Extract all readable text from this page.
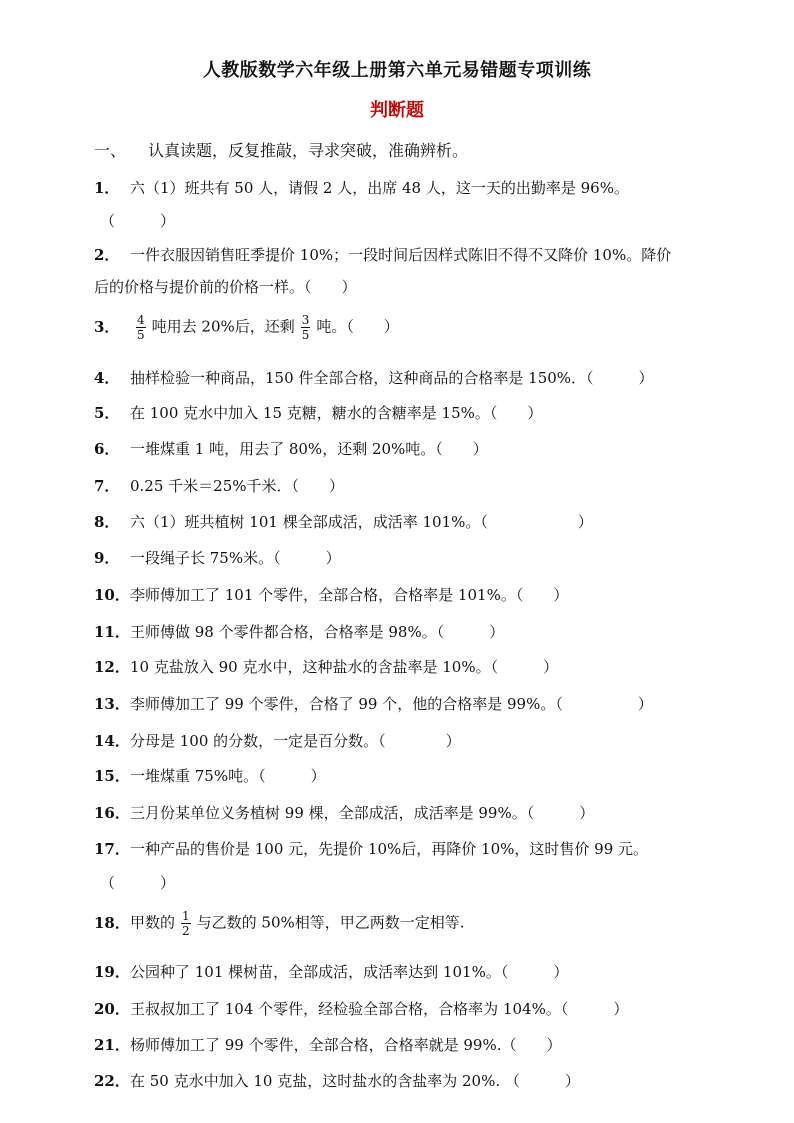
人教版数学六年级上册第六单元易错题专项训练
判断题
一、 认真读题，反复推敲，寻求突破，准确辨析。
1． 六（1）班共有 50 人，请假 2 人，出席 48 人，这一天的出勤率是 96%。
（　　　）
2． 一件衣服因销售旺季提价 10%；一段时间后因样式陈旧不得不又降价 10%。降价
后的价格与提价前的价格一样。（　　）
3． $\frac{4}{5}$ 吨用去 20%后，还剩 $\frac{3}{5}$ 吨。（　　）
4． 抽样检验一种商品，150 件全部合格，这种商品的合格率是 150%．（　　　）
5． 在 100 克水中加入 15 克糖，糖水的含糖率是 15%。（　　）
6． 一堆煤重 1 吨，用去了 80%，还剩 20%吨。（　　）
7． 0.25 千米＝25%千米．（　　）
8． 六（1）班共植树 101 棵全部成活，成活率 101%。（　　　　　　）
9． 一段绳子长 75%米。（　　　）
10．李师傅加工了 101 个零件，全部合格，合格率是 101%。（　　）
11．王师傅做 98 个零件都合格，合格率是 98%。（　　　）
12．10 克盐放入 90 克水中，这种盐水的含盐率是 10%。（　　　）
13．李师傅加工了 99 个零件，合格了 99 个，他的合格率是 99%。（　　　　　）
14．分母是 100 的分数，一定是百分数。（　　　　）
15．一堆煤重 75%吨。（　　　）
16．三月份某单位义务植树 99 棵，全部成活，成活率是 99%。（　　　）
17．一种产品的售价是 100 元，先提价 10%后，再降价 10%，这时售价 99 元。
（　　　）
18．甲数的 $\frac{1}{2}$ 与乙数的 50%相等，甲乙两数一定相等.
19．公园种了 101 棵树苗，全部成活，成活率达到 101%。（　　　）
20．王叔叔加工了 104 个零件，经检验全部合格，合格率为 104%。（　　　）
21．杨师傅加工了 99 个零件，全部合格，合格率就是 99%.（　　）
22．在 50 克水中加入 10 克盐，这时盐水的含盐率为 20%. （　　　）
